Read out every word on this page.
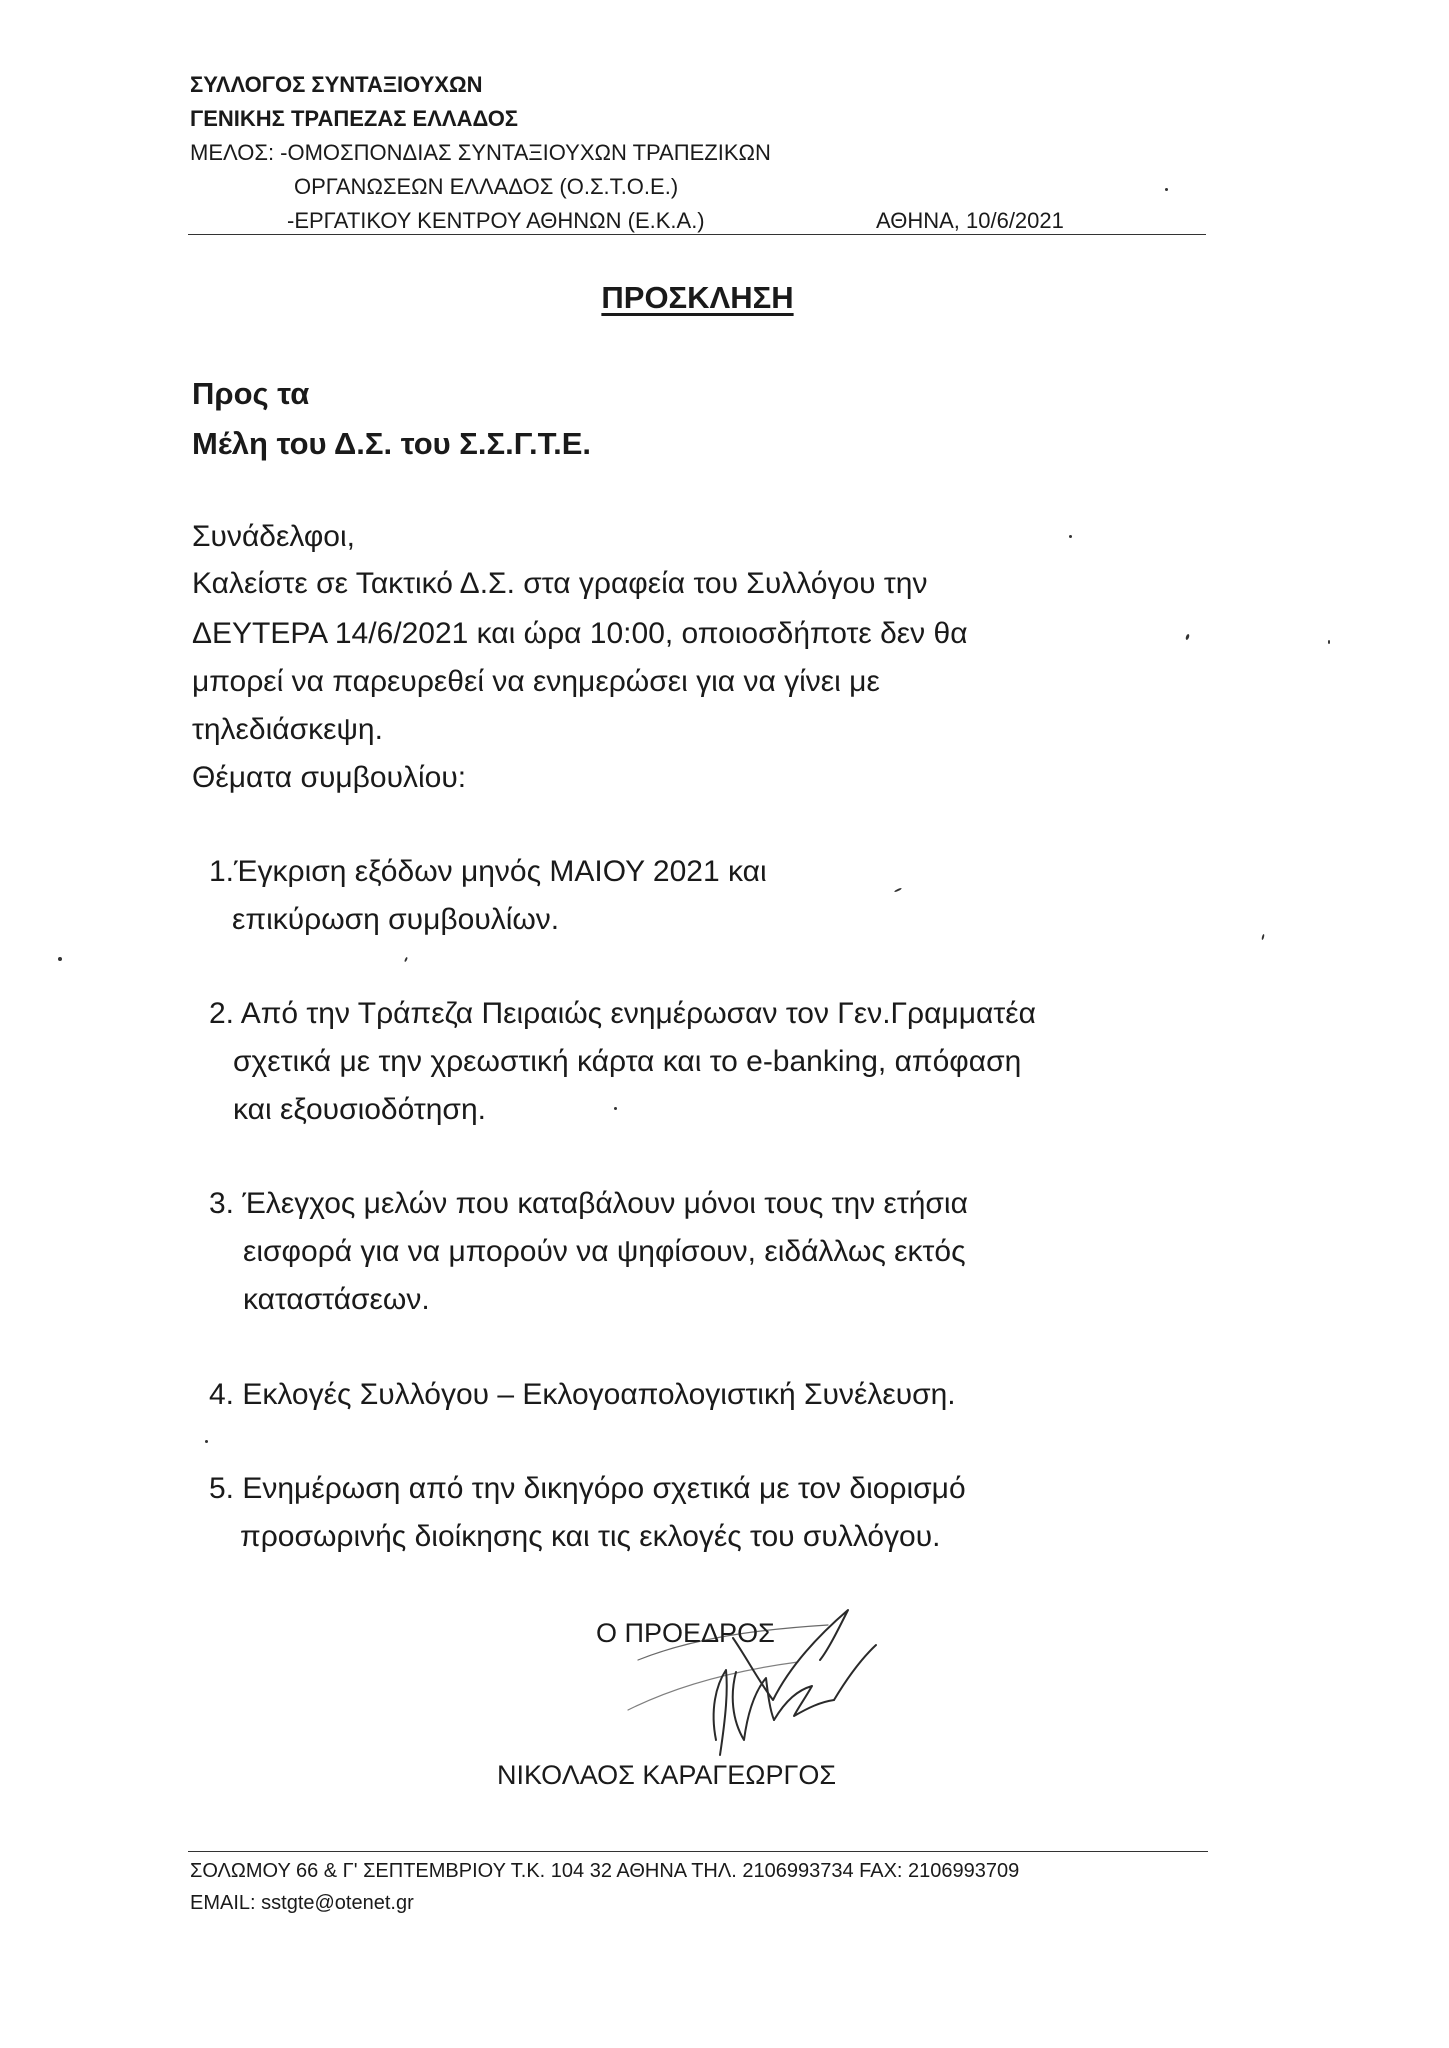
ΣΥΛΛΟΓΟΣ ΣΥΝΤΑΞΙΟΥΧΩΝ
ΓΕΝΙΚΗΣ ΤΡΑΠΕΖΑΣ ΕΛΛΑΔΟΣ
ΜΕΛΟΣ: -ΟΜΟΣΠΟΝΔΙΑΣ ΣΥΝΤΑΞΙΟΥΧΩΝ ΤΡΑΠΕΖΙΚΩΝ
ΟΡΓΑΝΩΣΕΩΝ ΕΛΛΑΔΟΣ (Ο.Σ.Τ.Ο.Ε.)
-ΕΡΓΑΤΙΚΟΥ ΚΕΝΤΡΟΥ ΑΘΗΝΩΝ (Ε.Κ.Α.)	ΑΘΗΝΑ, 10/6/2021
ΠΡΟΣΚΛΗΣΗ
Προς τα
Μέλη του Δ.Σ. του Σ.Σ.Γ.Τ.Ε.
Συνάδελφοι,
Καλείστε σε Τακτικό Δ.Σ. στα γραφεία του Συλλόγου την
ΔΕΥΤΕΡΑ 14/6/2021 και ώρα 10:00, οποιοσδήποτε δεν θα
μπορεί να παρευρεθεί να ενημερώσει για να γίνει με
τηλεδιάσκεψη.
Θέματα συμβουλίου:
1.Έγκριση εξόδων μηνός ΜΑΙΟΥ 2021 και
επικύρωση συμβουλίων.
2. Από την Τράπεζα Πειραιώς ενημέρωσαν τον Γεν.Γραμματέα
σχετικά με την χρεωστική κάρτα και το e-banking, απόφαση
και εξουσιοδότηση.
3. Έλεγχος μελών που καταβάλουν μόνοι τους την ετήσια
εισφορά για να μπορούν να ψηφίσουν, ειδάλλως εκτός
καταστάσεων.
4. Εκλογές Συλλόγου – Εκλογοαπολογιστική Συνέλευση.
5. Ενημέρωση από την δικηγόρο σχετικά με τον διορισμό
προσωρινής διοίκησης και τις εκλογές του συλλόγου.
Ο ΠΡΟΕΔΡΟΣ
ΝΙΚΟΛΑΟΣ ΚΑΡΑΓΕΩΡΓΟΣ
ΣΟΛΩΜΟΥ 66 & Γ' ΣΕΠΤΕΜΒΡΙΟΥ Τ.Κ. 104 32 ΑΘΗΝΑ ΤΗΛ. 2106993734 FAX: 2106993709
EMAIL: sstgte@otenet.gr
